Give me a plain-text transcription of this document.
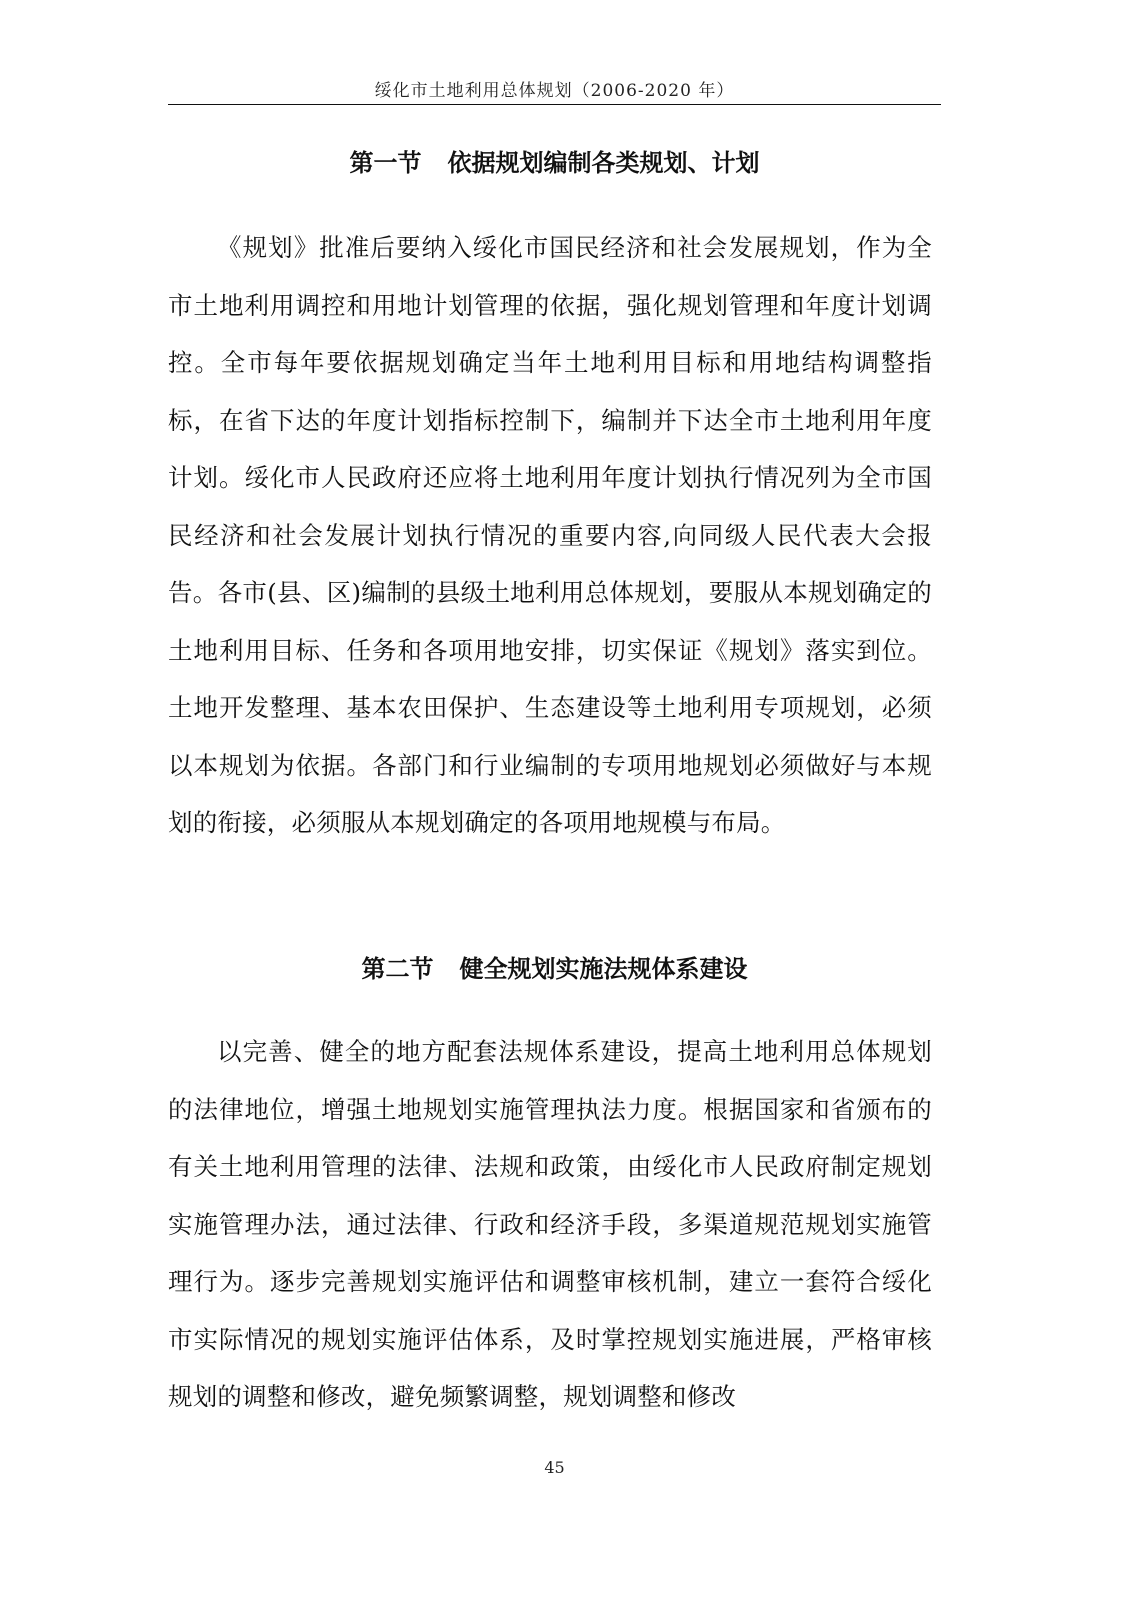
绥化市土地利用总体规划（2006-2020 年）
第一节 依据规划编制各类规划、计划

《规划》批准后要纳入绥化市国民经济和社会发展规划，作为全市土地利用调控和用地计划管理的依据，强化规划管理和年度计划调控。全市每年要依据规划确定当年土地利用目标和用地结构调整指标，在省下达的年度计划指标控制下，编制并下达全市土地利用年度计划。绥化市人民政府还应将土地利用年度计划执行情况列为全市国民经济和社会发展计划执行情况的重要内容,向同级人民代表大会报告。各市(县、区)编制的县级土地利用总体规划，要服从本规划确定的土地利用目标、任务和各项用地安排，切实保证《规划》落实到位。土地开发整理、基本农田保护、生态建设等土地利用专项规划，必须以本规划为依据。各部门和行业编制的专项用地规划必须做好与本规划的衔接，必须服从本规划确定的各项用地规模与布局。

第二节 健全规划实施法规体系建设

以完善、健全的地方配套法规体系建设，提高土地利用总体规划的法律地位，增强土地规划实施管理执法力度。根据国家和省颁布的有关土地利用管理的法律、法规和政策，由绥化市人民政府制定规划实施管理办法，通过法律、行政和经济手段，多渠道规范规划实施管理行为。逐步完善规划实施评估和调整审核机制，建立一套符合绥化市实际情况的规划实施评估体系，及时掌控规划实施进展，严格审核规划的调整和修改，避免频繁调整，规划调整和修改

45
